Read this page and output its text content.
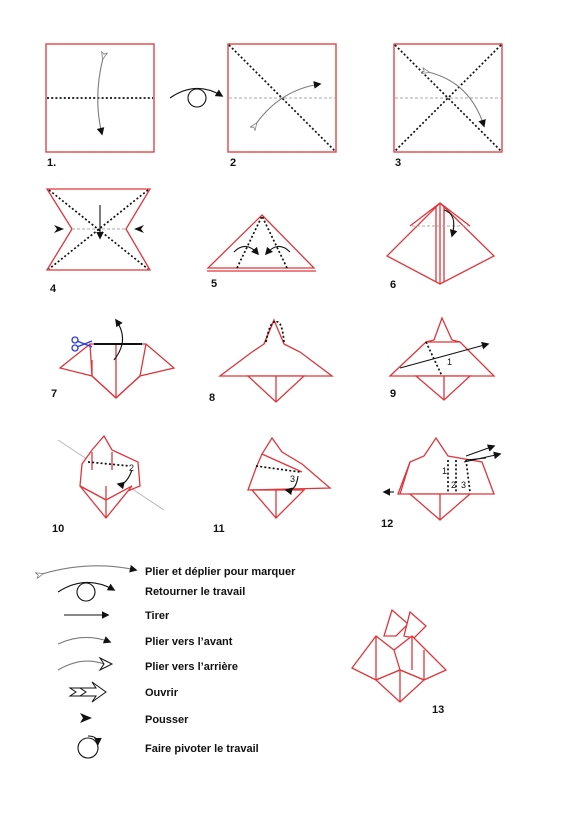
1.	2	3
4	5	6
7	8
1
9
2
10
3
11
1
2 3
12
13
Plier et déplier pour marquer
Retourner le travail
Tirer
Plier vers l’avant
Plier vers l’arrière
Ouvrir
Pousser
Faire pivoter le travail
